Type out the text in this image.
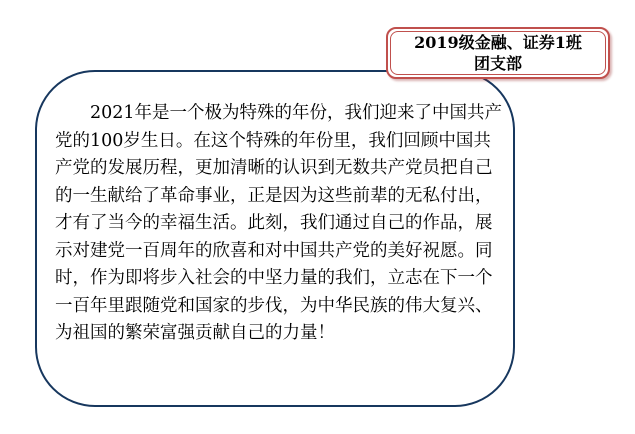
2021年是一个极为特殊的年份，我们迎来了中国共产党的100岁生日。在这个特殊的年份里，我们回顾中国共产党的发展历程，更加清晰的认识到无数共产党员把自己的一生献给了革命事业，正是因为这些前辈的无私付出，才有了当今的幸福生活。此刻，我们通过自己的作品，展示对建党一百周年的欣喜和对中国共产党的美好祝愿。同时，作为即将步入社会的中坚力量的我们，立志在下一个一百年里跟随党和国家的步伐，为中华民族的伟大复兴、为祖国的繁荣富强贡献自己的力量！

2019级金融、证券1班
团支部
